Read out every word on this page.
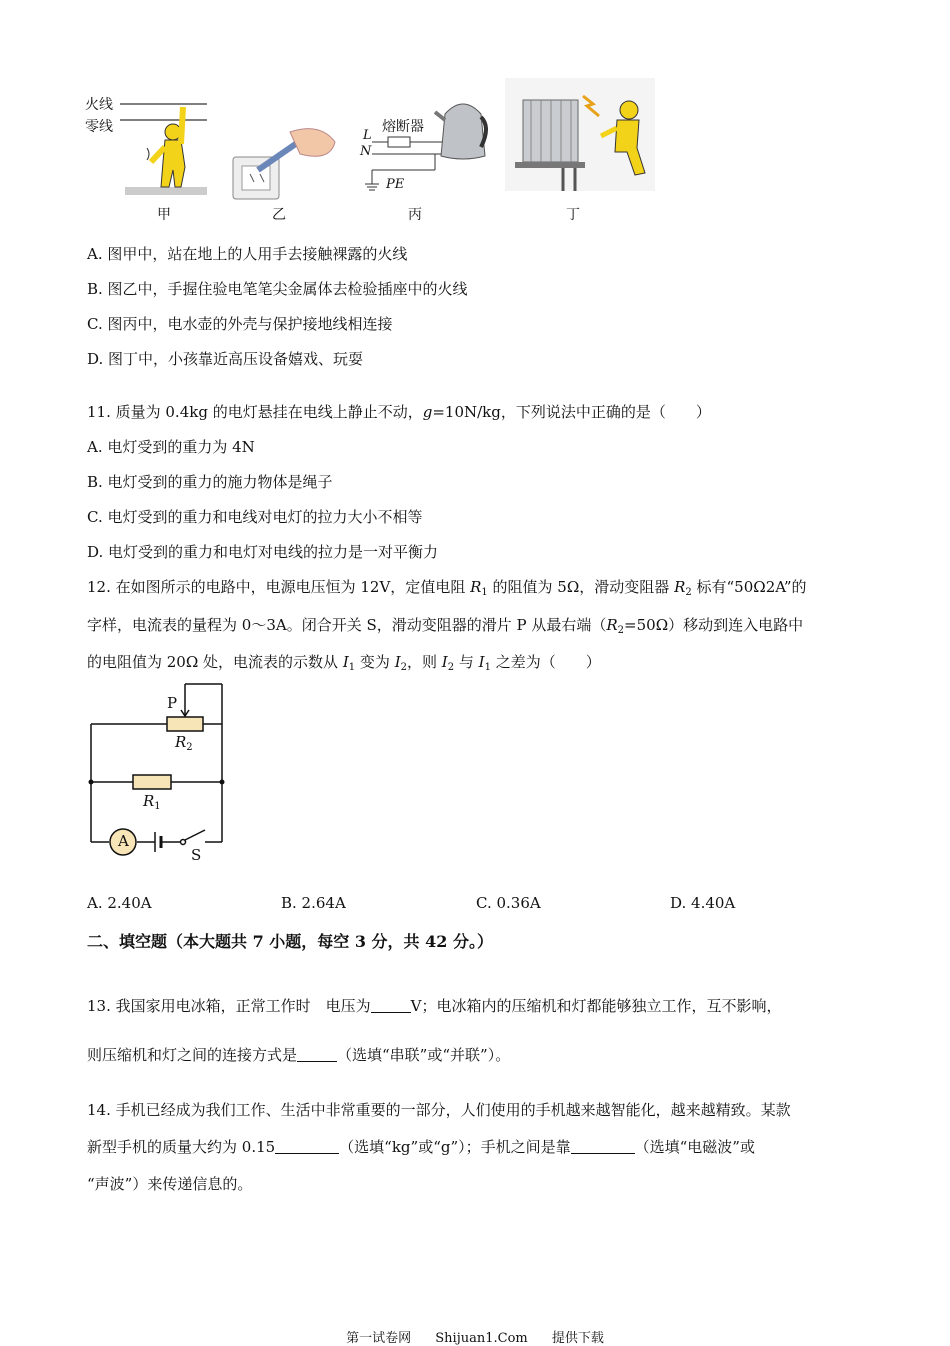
火线
零线
甲	乙
熔断器
L
N
PE
丙	丁
A. 图甲中，站在地上的人用手去接触裸露的火线
B. 图乙中，手握住验电笔笔尖金属体去检验插座中的火线
C. 图丙中，电水壶的外壳与保护接地线相连接
D. 图丁中，小孩靠近高压设备嬉戏、玩耍
11. 质量为 0.4kg 的电灯悬挂在电线上静止不动，g=10N/kg，下列说法中正确的是（　　）
A. 电灯受到的重力为 4N
B. 电灯受到的重力的施力物体是绳子
C. 电灯受到的重力和电线对电灯的拉力大小不相等
D. 电灯受到的重力和电灯对电线的拉力是一对平衡力
12. 在如图所示的电路中，电源电压恒为 12V，定值电阻 $R_1$ 的阻值为 5Ω，滑动变阻器 $R_2$ 标有“50Ω2A”的
字样，电流表的量程为 0～3A。闭合开关 S，滑动变阻器的滑片 P 从最右端$(R_2=50\Omega)$移动到连入电路中
的电阻值为 20Ω 处，电流表的示数从 $I_1$ 变为 $I_2$，则 $I_2$ 与 $I_1$ 之差为（　　）
P
$R_2$
$R_1$
A
S
A. 2.40A	B. 2.64A	C. 0.36A	D. 4.40A
二、填空题（本大题共 7 小题，每空 3 分，共 42 分。）
13. 我国家用电冰箱，正常工作时　电压为	V；电冰箱内的压缩机和灯都能够独立工作，互不影响，
则压缩机和灯之间的连接方式是	（选填“串联”或“并联”）。
14. 手机已经成为我们工作、生活中非常重要的一部分，人们使用的手机越来越智能化，越来越精致。某款
新型手机的质量大约为 0.15	（选填“kg”或“g”）；手机之间是靠	（选填“电磁波”或
“声波”）来传递信息的。
第一试卷网 Shijuan1.Com 提供下载
